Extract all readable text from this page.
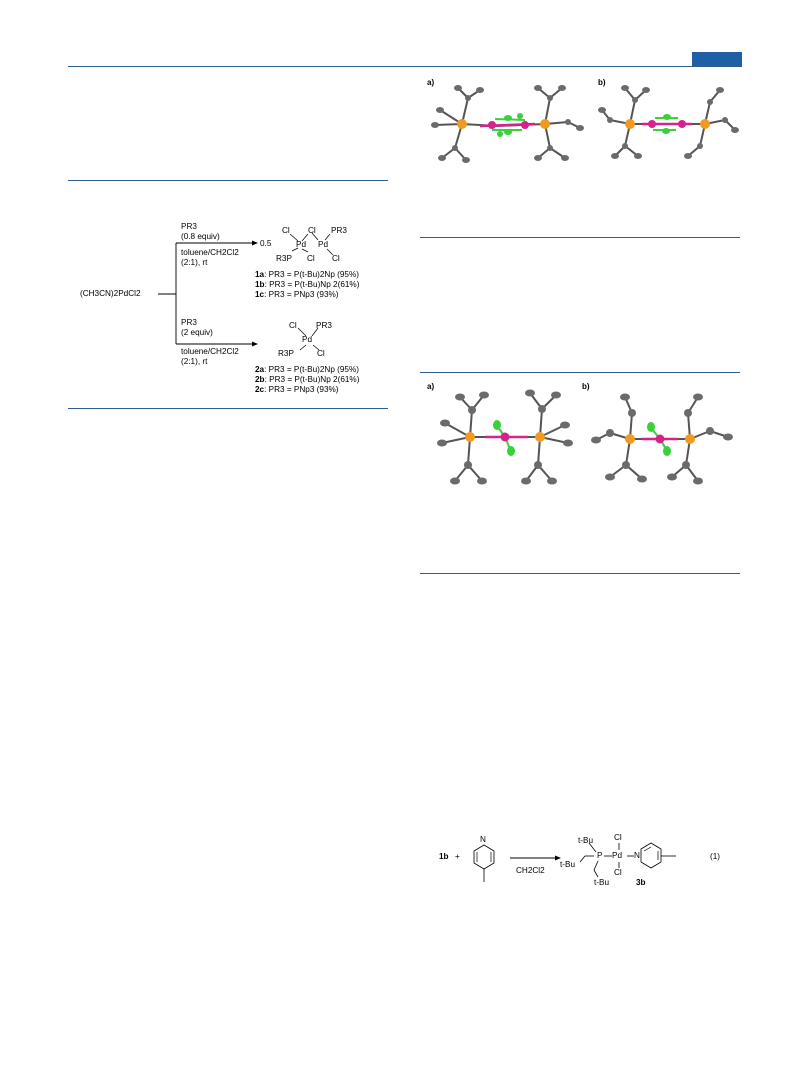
(CH3CN)2PdCl2
PR3
(0.8 equiv)
toluene/CH2Cl2
(2:1), rt
0.5
Cl Cl PR3
Pd Pd
R3P Cl Cl
1a: PR3 = P(t-Bu)2Np (95%)
1b: PR3 = P(t-Bu)Np 2(61%)
1c: PR3 = PNp3 (93%)
PR3
(2 equiv)
toluene/CH2Cl2
(2:1), rt
Cl PR3
Pd
R3P	Cl
2a: PR3 = P(t-Bu)2Np (95%)
2b: PR3 = P(t-Bu)Np 2(61%)
2c: PR3 = PNp3 (93%)
a)	b)
a)	b)
1b +
N
CH2Cl2
t-Bu
t-Bu
t-Bu
P Pd N
Cl
Cl
3b
(1)
